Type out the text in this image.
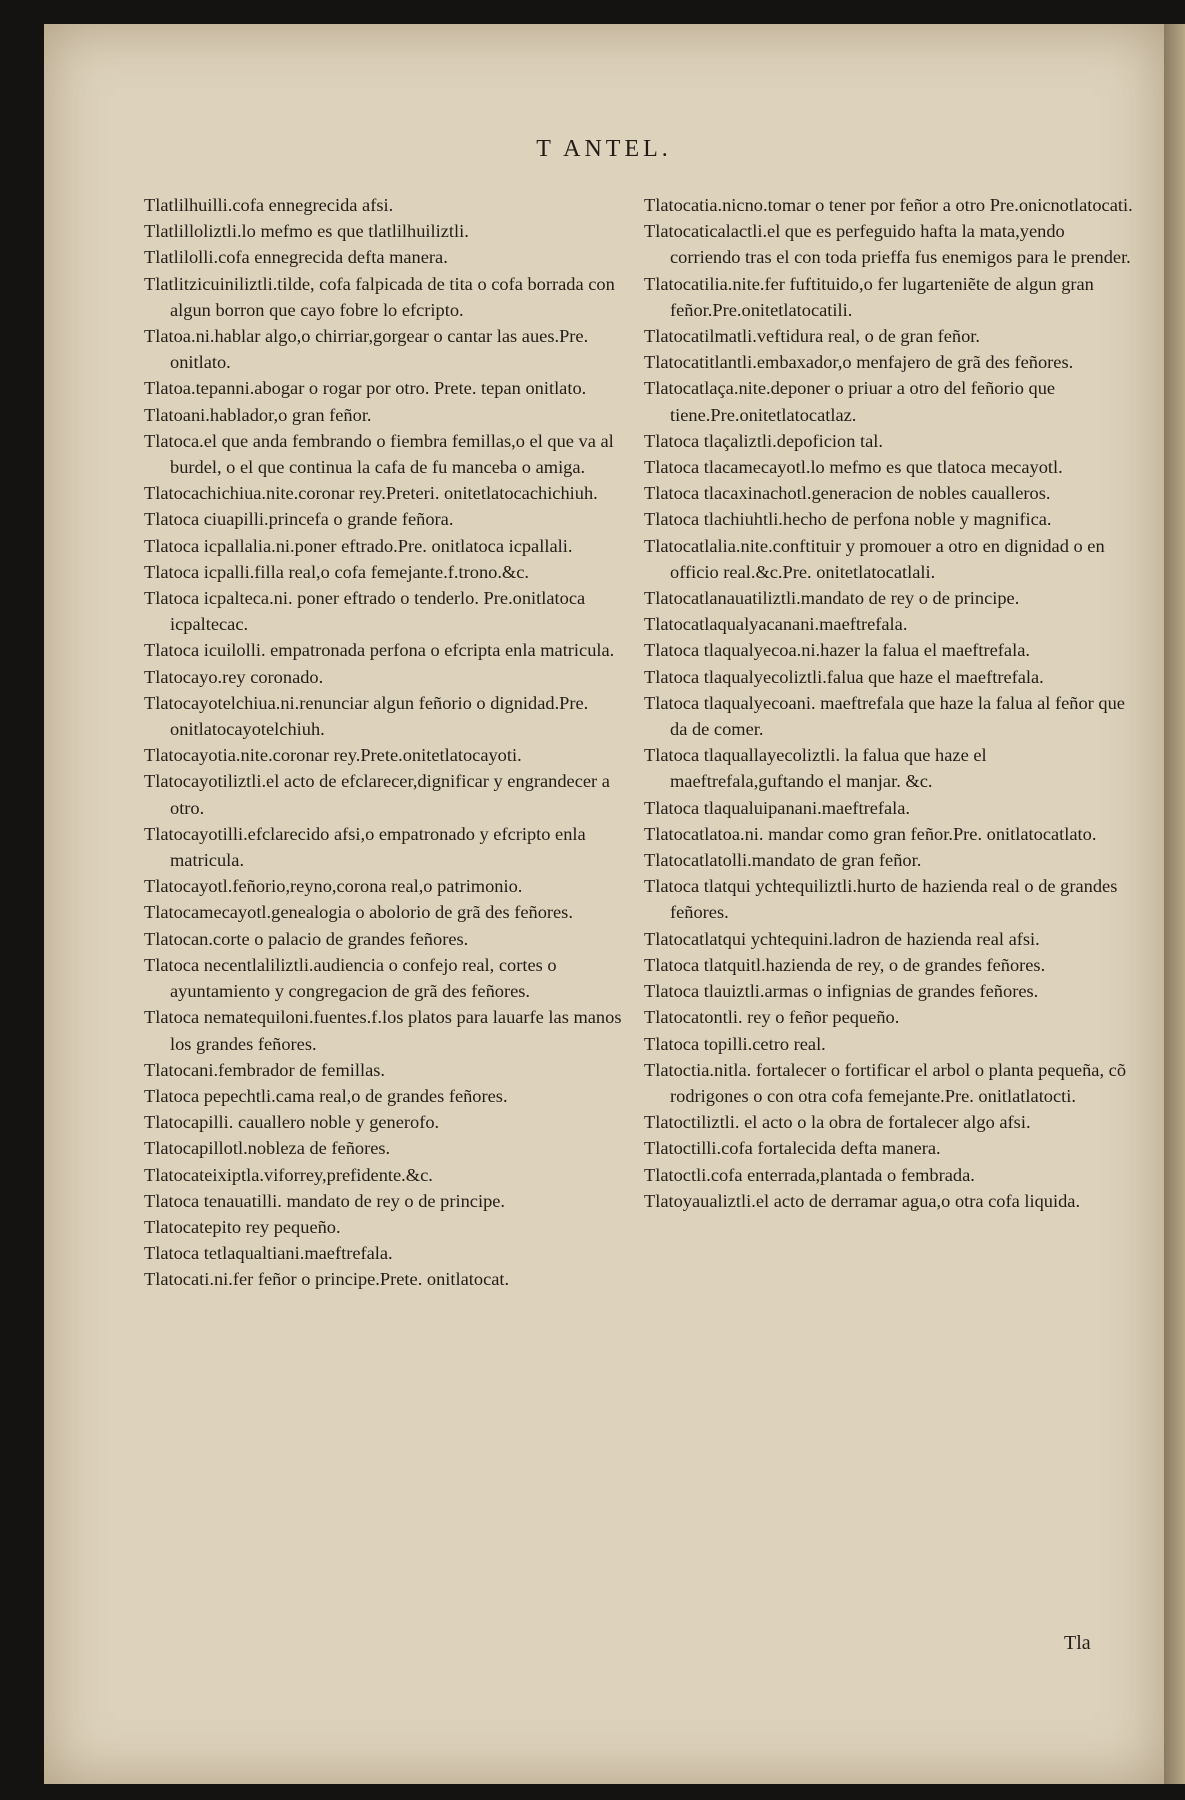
T ANTEL.

Tlatlilhuilli.cofa ennegrecida afsi.

Tlatlilloliztli.lo mefmo es que tlatlilhuiliztli.

Tlatlilolli.cofa ennegrecida defta manera.

Tlatlitzicuiniliztli.tilde, cofa falpicada de tita o cofa borrada con algun borron que cayo fobre lo efcripto.

Tlatoa.ni.hablar algo,o chirriar,gorgear o cantar las aues.Pre. onitlato.

Tlatoa.tepanni.abogar o rogar por otro. Prete. tepan onitlato.

Tlatoani.hablador,o gran feñor.

Tlatoca.el que anda fembrando o fiembra femillas,o el que va al burdel, o el que continua la cafa de fu manceba o amiga.

Tlatocachichiua.nite.coronar rey.Preteri. onitetlatocachichiuh.

Tlatoca ciuapilli.princefa o grande feñora.

Tlatoca icpallalia.ni.poner eftrado.Pre. onitlatoca icpallali.

Tlatoca icpalli.filla real,o cofa femejante.f.trono.&c.

Tlatoca icpalteca.ni. poner eftrado o tenderlo. Pre.onitlatoca icpaltecac.

Tlatoca icuilolli. empatronada perfona o efcripta enla matricula.

Tlatocayo.rey coronado.

Tlatocayotelchiua.ni.renunciar algun feñorio o dignidad.Pre. onitlatocayotelchiuh.

Tlatocayotia.nite.coronar rey.Prete.onitetlatocayoti.

Tlatocayotiliztli.el acto de efclarecer,dignificar y engrandecer a otro.

Tlatocayotilli.efclarecido afsi,o empatronado y efcripto enla matricula.

Tlatocayotl.feñorio,reyno,corona real,o patrimonio.

Tlatocamecayotl.genealogia o abolorio de grã des feñores.

Tlatocan.corte o palacio de grandes feñores.

Tlatoca necentlaliliztli.audiencia o confejo real, cortes o ayuntamiento y congregacion de grã des feñores.

Tlatoca nematequiloni.fuentes.f.los platos para lauarfe las manos los grandes feñores.

Tlatocani.fembrador de femillas.

Tlatoca pepechtli.cama real,o de grandes feñores.

Tlatocapilli. cauallero noble y generofo.

Tlatocapillotl.nobleza de feñores.

Tlatocateixiptla.viforrey,prefidente.&c.

Tlatoca tenauatilli. mandato de rey o de principe.

Tlatocatepito rey pequeño.

Tlatoca tetlaqualtiani.maeftrefala.

Tlatocati.ni.fer feñor o principe.Prete. onitlatocat.

Tlatocatia.nicno.tomar o tener por feñor a otro Pre.onicnotlatocati.

Tlatocaticalactli.el que es perfeguido hafta la mata,yendo corriendo tras el con toda prieffa fus enemigos para le prender.

Tlatocatilia.nite.fer fuftituido,o fer lugarteniẽte de algun gran feñor.Pre.onitetlatocatili.

Tlatocatilmatli.veftidura real, o de gran feñor.

Tlatocatitlantli.embaxador,o menfajero de grã des feñores.

Tlatocatlaça.nite.deponer o priuar a otro del feñorio que tiene.Pre.onitetlatocatlaz.

Tlatoca tlaçaliztli.depoficion tal.

Tlatoca tlacamecayotl.lo mefmo es que tlatoca mecayotl.

Tlatoca tlacaxinachotl.generacion de nobles caualleros.

Tlatoca tlachiuhtli.hecho de perfona noble y magnifica.

Tlatocatlalia.nite.conftituir y promouer a otro en dignidad o en officio real.&c.Pre. onitetlatocatlali.

Tlatocatlanauatiliztli.mandato de rey o de principe.

Tlatocatlaqualyacanani.maeftrefala.

Tlatoca tlaqualyecoa.ni.hazer la falua el maeftrefala.

Tlatoca tlaqualyecoliztli.falua que haze el maeftrefala.

Tlatoca tlaqualyecoani. maeftrefala que haze la falua al feñor que da de comer.

Tlatoca tlaquallayecoliztli. la falua que haze el maeftrefala,guftando el manjar. &c.

Tlatoca tlaqualuipanani.maeftrefala.

Tlatocatlatoa.ni. mandar como gran feñor.Pre. onitlatocatlato.

Tlatocatlatolli.mandato de gran feñor.

Tlatoca tlatqui ychtequiliztli.hurto de hazienda real o de grandes feñores.

Tlatocatlatqui ychtequini.ladron de hazienda real afsi.

Tlatoca tlatquitl.hazienda de rey, o de grandes feñores.

Tlatoca tlauiztli.armas o infignias de grandes feñores.

Tlatocatontli. rey o feñor pequeño.

Tlatoca topilli.cetro real.

Tlatoctia.nitla. fortalecer o fortificar el arbol o planta pequeña, cõ rodrigones o con otra cofa femejante.Pre. onitlatlatocti.

Tlatoctiliztli. el acto o la obra de fortalecer algo afsi.

Tlatoctilli.cofa fortalecida defta manera.

Tlatoctli.cofa enterrada,plantada o fembrada.

Tlatoyaualiztli.el acto de derramar agua,o otra cofa liquida.

Tla
